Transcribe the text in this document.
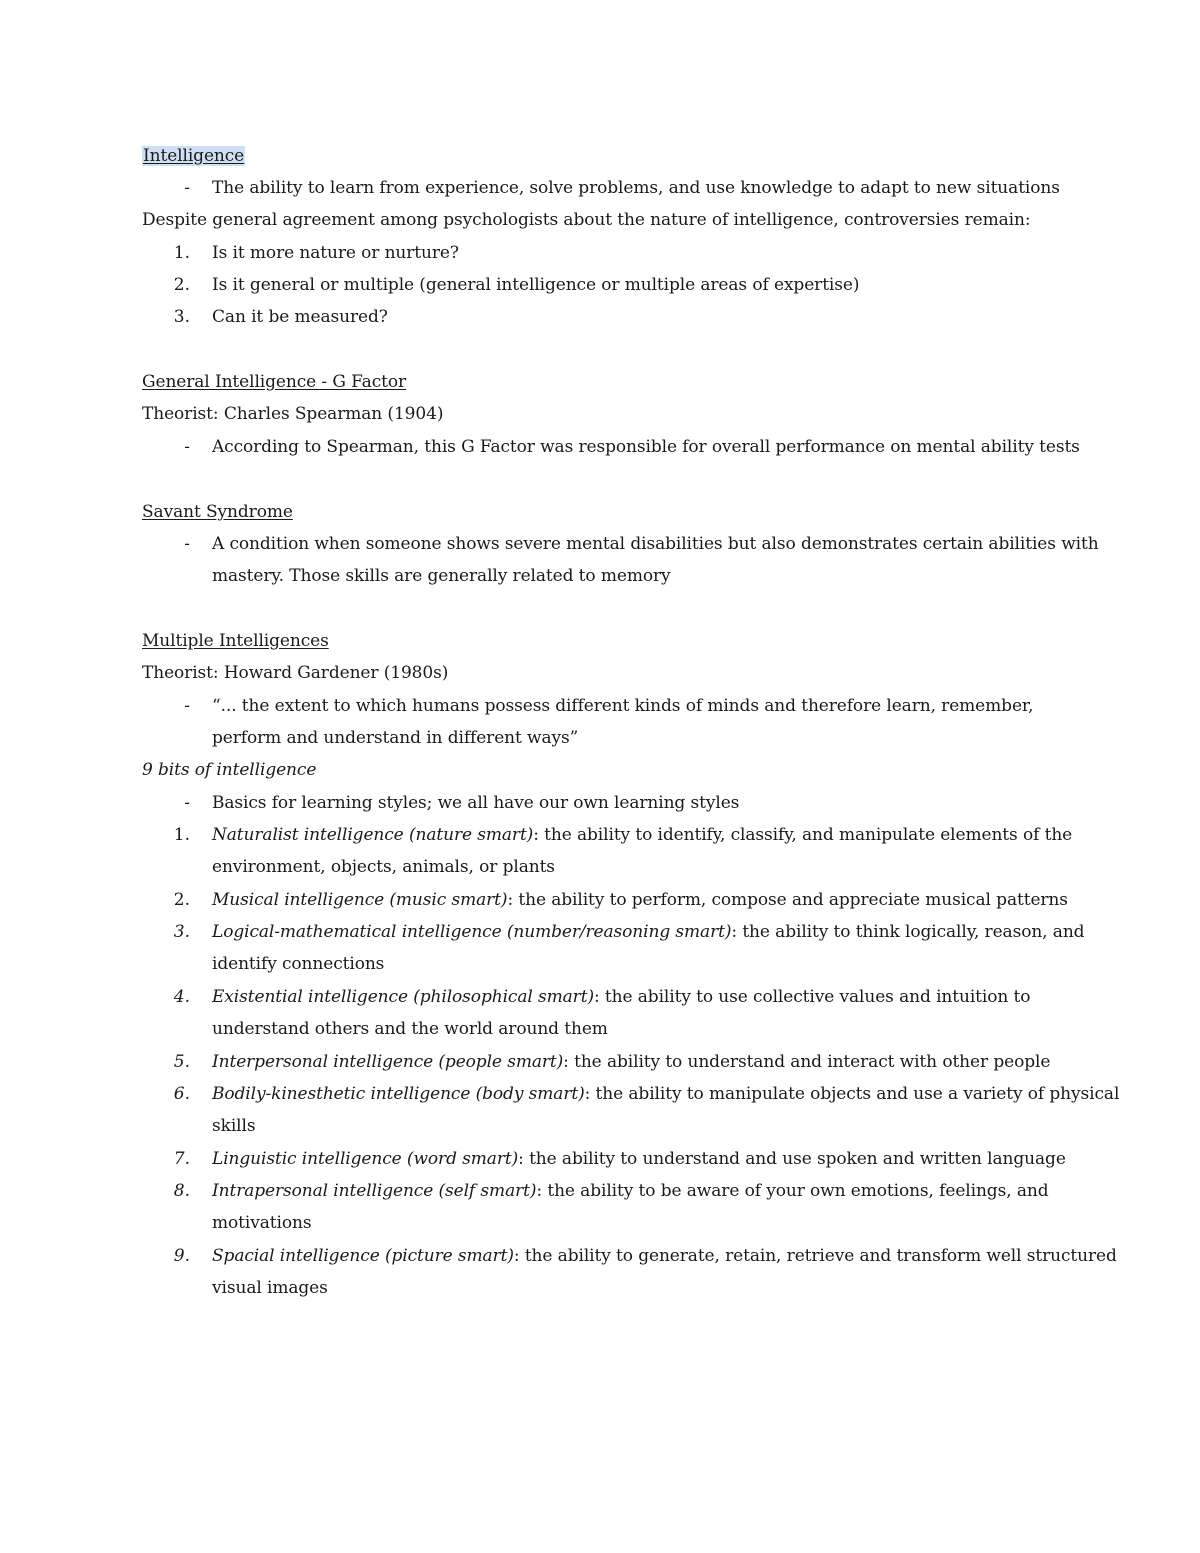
Intelligence
- The ability to learn from experience, solve problems, and use knowledge to adapt to new situations
Despite general agreement among psychologists about the nature of intelligence, controversies remain:
1. Is it more nature or nurture?
2. Is it general or multiple (general intelligence or multiple areas of expertise)
3. Can it be measured?
General Intelligence - G Factor
Theorist: Charles Spearman (1904)
- According to Spearman, this G Factor was responsible for overall performance on mental ability tests
Savant Syndrome
- A condition when someone shows severe mental disabilities but also demonstrates certain abilities with
mastery. Those skills are generally related to memory
Multiple Intelligences
Theorist: Howard Gardener (1980s)
- “... the extent to which humans possess different kinds of minds and therefore learn, remember,
perform and understand in different ways”
9 bits of intelligence
- Basics for learning styles; we all have our own learning styles
1. Naturalist intelligence (nature smart): the ability to identify, classify, and manipulate elements of the
environment, objects, animals, or plants
2. Musical intelligence (music smart): the ability to perform, compose and appreciate musical patterns
3. Logical-mathematical intelligence (number/reasoning smart): the ability to think logically, reason, and
identify connections
4. Existential intelligence (philosophical smart): the ability to use collective values and intuition to
understand others and the world around them
5. Interpersonal intelligence (people smart): the ability to understand and interact with other people
6. Bodily-kinesthetic intelligence (body smart): the ability to manipulate objects and use a variety of physical
skills
7. Linguistic intelligence (word smart): the ability to understand and use spoken and written language
8. Intrapersonal intelligence (self smart): the ability to be aware of your own emotions, feelings, and
motivations
9. Spacial intelligence (picture smart): the ability to generate, retain, retrieve and transform well structured
visual images
